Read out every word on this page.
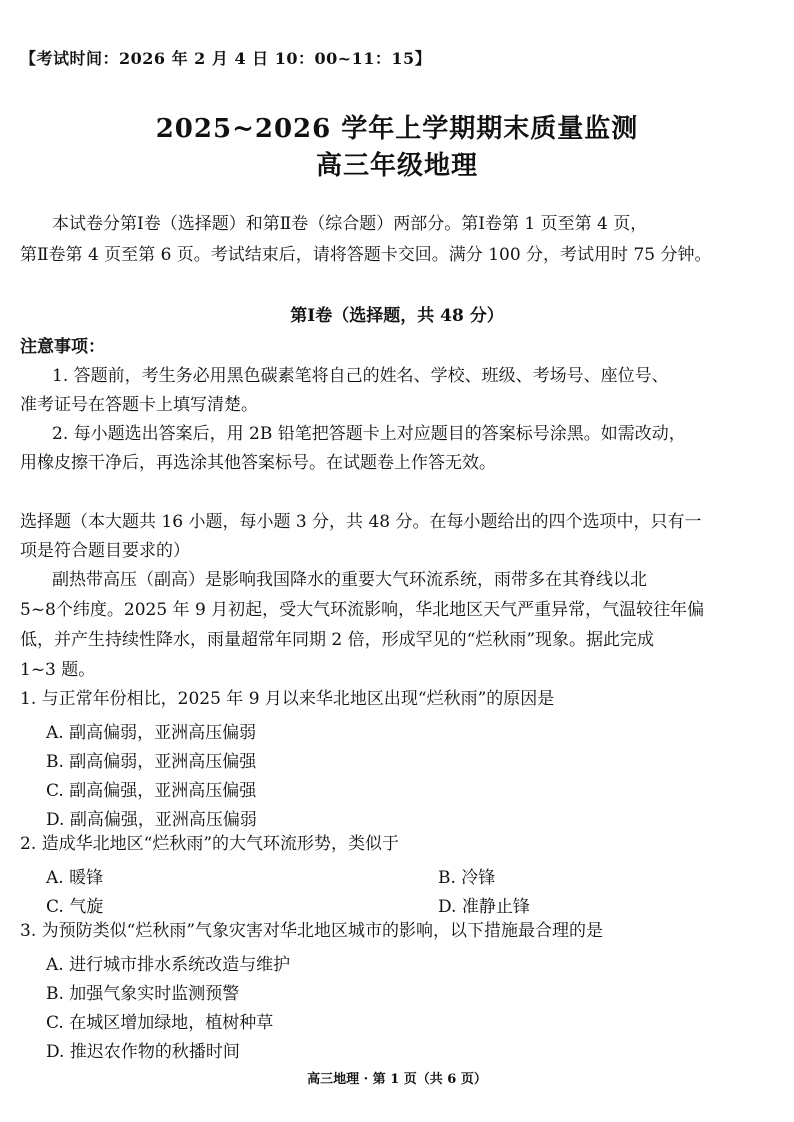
【考试时间：2026 年 2 月 4 日 10：00~11：15】
2025~2026 学年上学期期末质量监测
高三年级地理
本试卷分第Ⅰ卷（选择题）和第Ⅱ卷（综合题）两部分。第Ⅰ卷第 1 页至第 4 页，
第Ⅱ卷第 4 页至第 6 页。考试结束后，请将答题卡交回。满分 100 分，考试用时 75 分钟。
第Ⅰ卷（选择题，共 48 分）
注意事项：
1. 答题前，考生务必用黑色碳素笔将自己的姓名、学校、班级、考场号、座位号、
准考证号在答题卡上填写清楚。
2. 每小题选出答案后，用 2B 铅笔把答题卡上对应题目的答案标号涂黑。如需改动，
用橡皮擦干净后，再选涂其他答案标号。在试题卷上作答无效。
选择题（本大题共 16 小题，每小题 3 分，共 48 分。在每小题给出的四个选项中，只有一
项是符合题目要求的）
副热带高压（副高）是影响我国降水的重要大气环流系统，雨带多在其脊线以北
5~8个纬度。2025 年 9 月初起，受大气环流影响，华北地区天气严重异常，气温较往年偏
低，并产生持续性降水，雨量超常年同期 2 倍，形成罕见的“烂秋雨”现象。据此完成
1~3 题。
1. 与正常年份相比，2025 年 9 月以来华北地区出现“烂秋雨”的原因是
A. 副高偏弱，亚洲高压偏弱
B. 副高偏弱，亚洲高压偏强
C. 副高偏强，亚洲高压偏强
D. 副高偏强，亚洲高压偏弱
2. 造成华北地区“烂秋雨”的大气环流形势，类似于
A. 暖锋	B. 冷锋
C. 气旋	D. 准静止锋
3. 为预防类似“烂秋雨”气象灾害对华北地区城市的影响，以下措施最合理的是
A. 进行城市排水系统改造与维护
B. 加强气象实时监测预警
C. 在城区增加绿地，植树种草
D. 推迟农作物的秋播时间
高三地理 · 第 1 页（共 6 页）
